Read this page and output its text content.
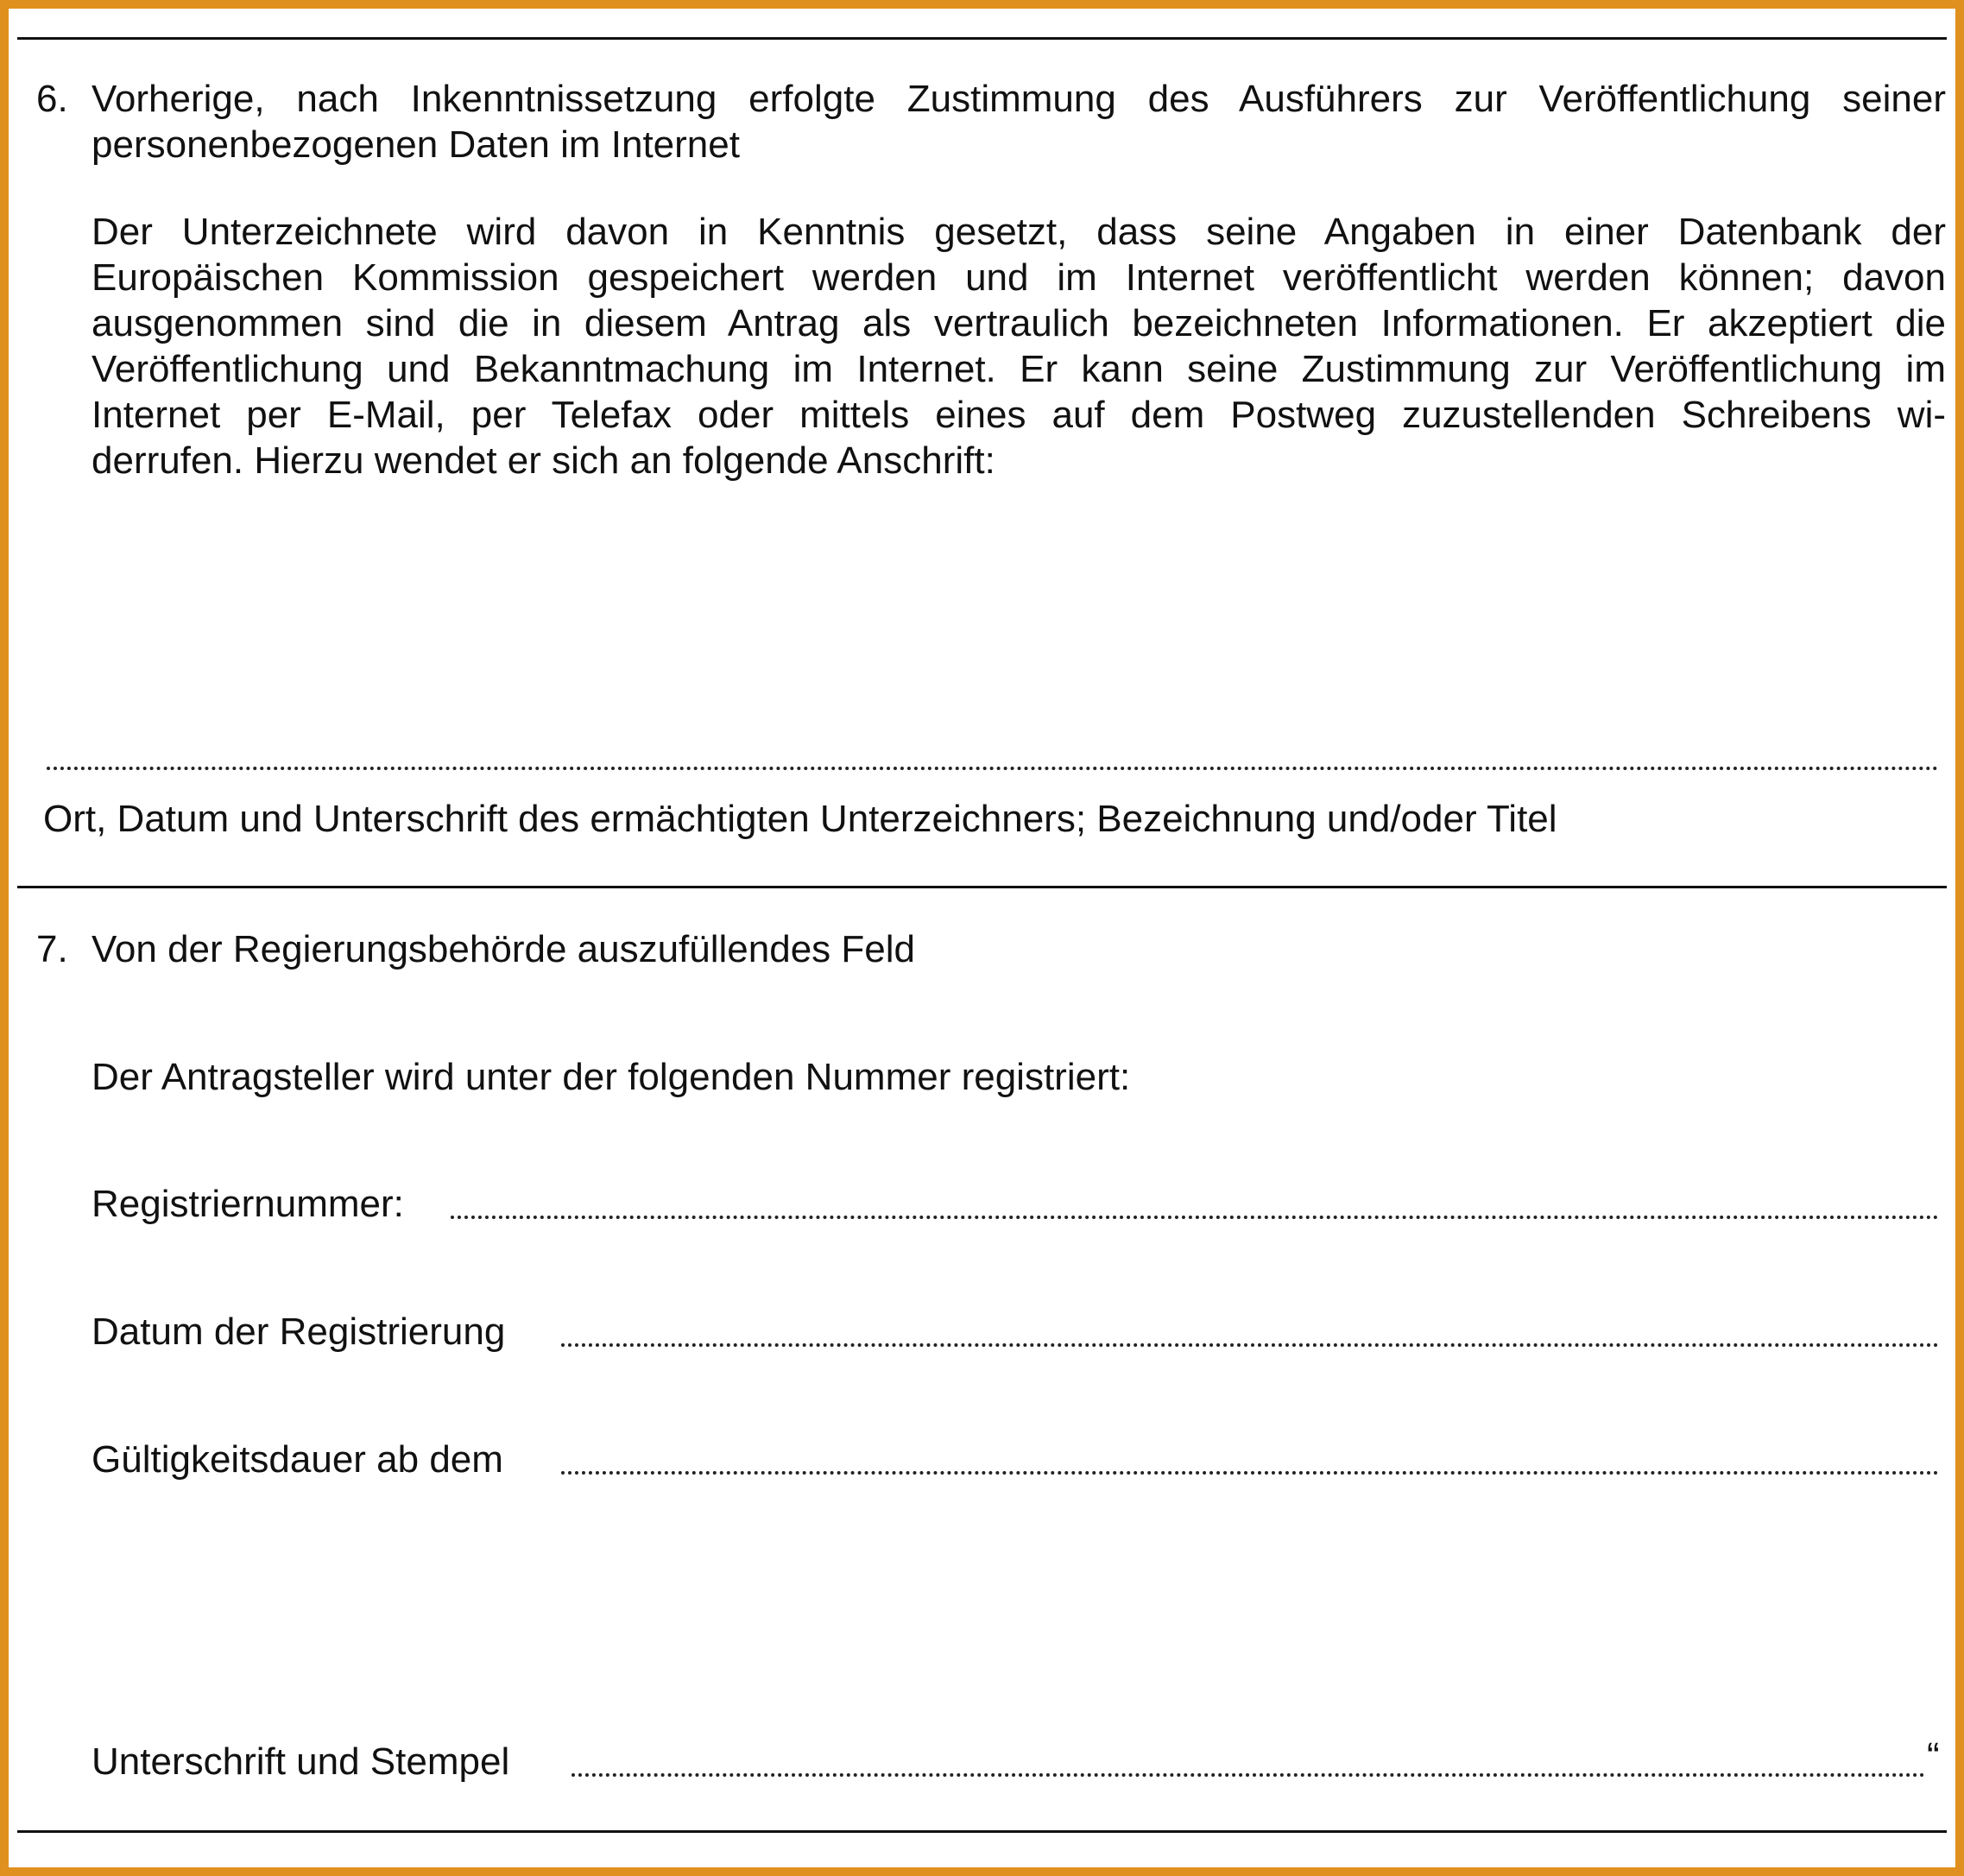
6. Vorherige, nach Inkenntnissetzung erfolgte Zustimmung des Ausführers zur Veröffentlichung seiner
personenbezogenen Daten im Internet
Der Unterzeichnete wird davon in Kenntnis gesetzt, dass seine Angaben in einer Datenbank der
Europäischen Kommission gespeichert werden und im Internet veröffentlicht werden können; davon
ausgenommen sind die in diesem Antrag als vertraulich bezeichneten Informationen. Er akzeptiert die
Veröffentlichung und Bekanntmachung im Internet. Er kann seine Zustimmung zur Veröffentlichung im
Internet per E-Mail, per Telefax oder mittels eines auf dem Postweg zuzustellenden Schreibens wi-
derrufen. Hierzu wendet er sich an folgende Anschrift:
Ort, Datum und Unterschrift des ermächtigten Unterzeichners; Bezeichnung und/oder Titel
7. Von der Regierungsbehörde auszufüllendes Feld
Der Antragsteller wird unter der folgenden Nummer registriert:
Registriernummer:
Datum der Registrierung
Gültigkeitsdauer ab dem
Unterschrift und Stempel	“
